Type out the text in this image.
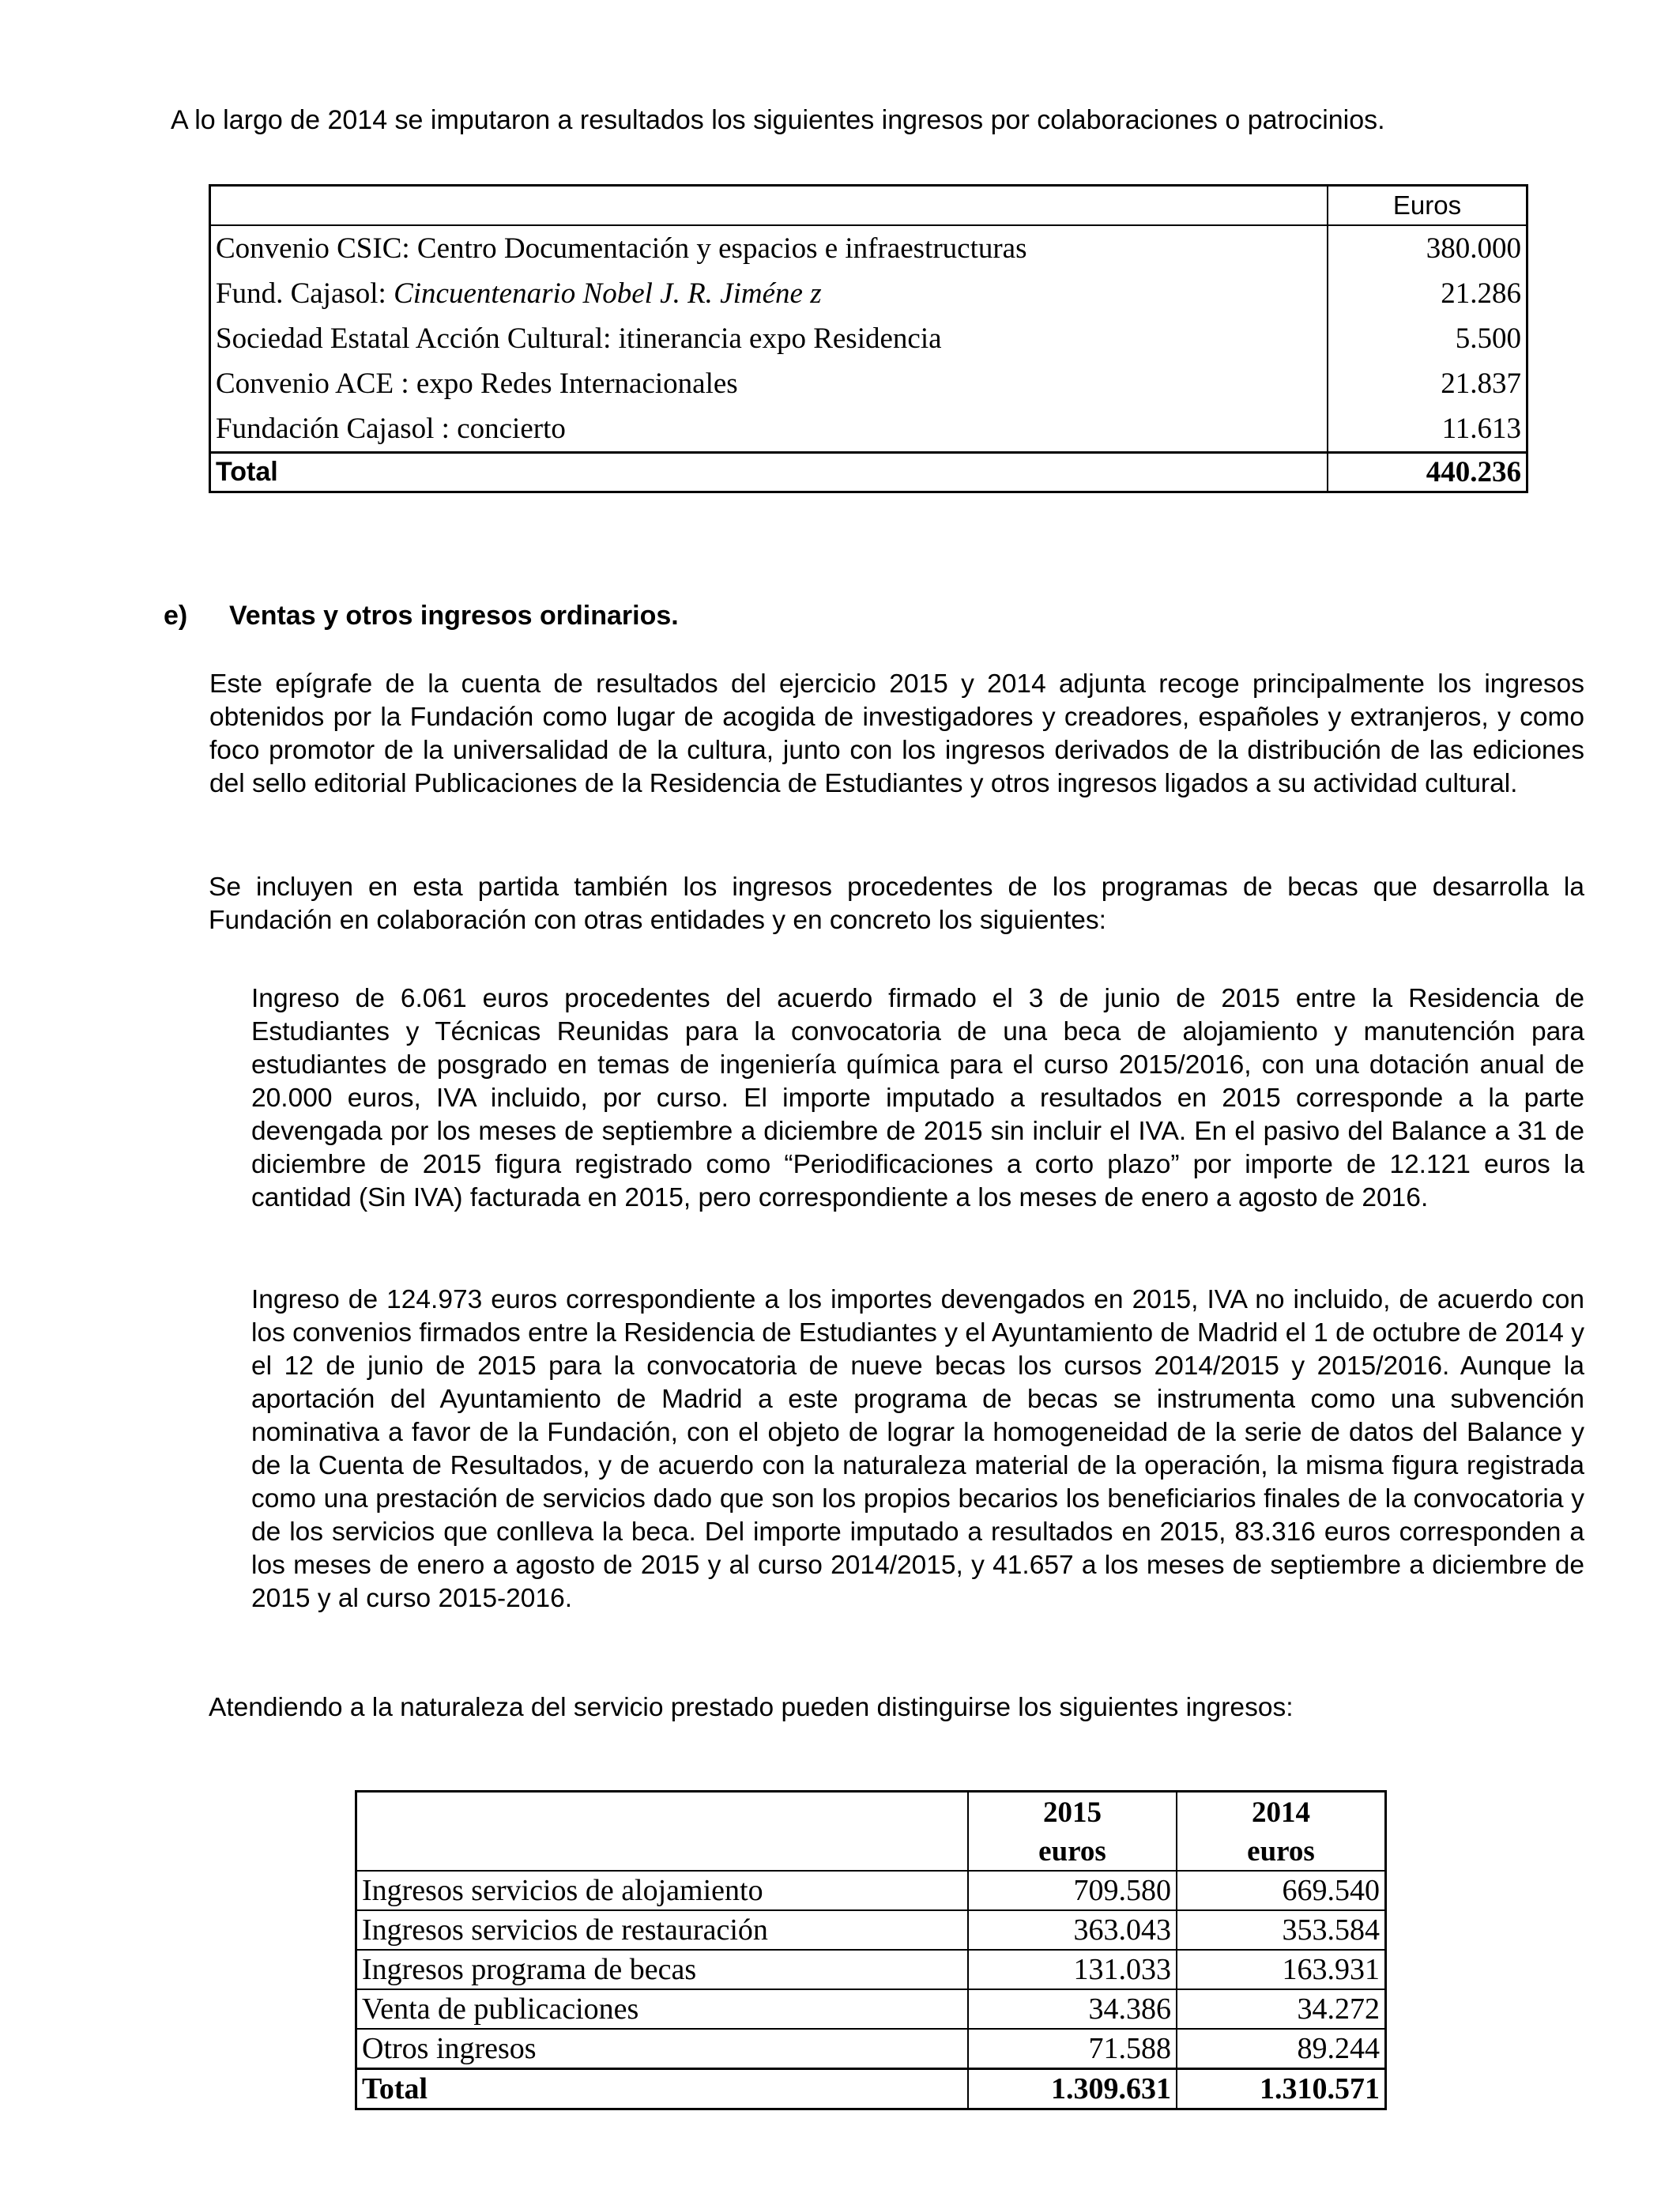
A lo largo de 2014 se imputaron a resultados los siguientes ingresos por colaboraciones o patrocinios.
	Euros
Convenio CSIC: Centro Documentación y espacios e infraestructuras	380.000
Fund. Cajasol: Cincuentenario Nobel J. R. Jiméne z	21.286
Sociedad Estatal Acción Cultural: itinerancia expo Residencia	5.500
Convenio ACE : expo Redes Internacionales	21.837
Fundación Cajasol : concierto	11.613
Total	440.236
e) Ventas y otros ingresos ordinarios.
Este epígrafe de la cuenta de resultados del ejercicio 2015 y 2014 adjunta recoge principalmente los ingresos obtenidos por la Fundación como lugar de acogida de investigadores y creadores, españoles y extranjeros, y como foco promotor de la universalidad de la cultura, junto con los ingresos derivados de la distribución de las ediciones del sello editorial Publicaciones de la Residencia de Estudiantes y otros ingresos ligados a su actividad cultural.
Se incluyen en esta partida también los ingresos procedentes de los programas de becas que desarrolla la Fundación en colaboración con otras entidades y en concreto los siguientes:
Ingreso de 6.061 euros procedentes del acuerdo firmado el 3 de junio de 2015 entre la Residencia de Estudiantes y Técnicas Reunidas para la convocatoria de una beca de alojamiento y manutención para estudiantes de posgrado en temas de ingeniería química para el curso 2015/2016, con una dotación anual de 20.000 euros, IVA incluido, por curso. El importe imputado a resultados en 2015 corresponde a la parte devengada por los meses de septiembre a diciembre de 2015 sin incluir el IVA. En el pasivo del Balance a 31 de diciembre de 2015 figura registrado como “Periodificaciones a corto plazo” por importe de 12.121 euros la cantidad (Sin IVA) facturada en 2015, pero correspondiente a los meses de enero a agosto de 2016.
Ingreso de 124.973 euros correspondiente a los importes devengados en 2015, IVA no incluido, de acuerdo con los convenios firmados entre la Residencia de Estudiantes y el Ayuntamiento de Madrid el 1 de octubre de 2014 y el 12 de junio de 2015 para la convocatoria de nueve becas los cursos 2014/2015 y 2015/2016. Aunque la aportación del Ayuntamiento de Madrid a este programa de becas se instrumenta como una subvención nominativa a favor de la Fundación, con el objeto de lograr la homogeneidad de la serie de datos del Balance y de la Cuenta de Resultados, y de acuerdo con la naturaleza material de la operación, la misma figura registrada como una prestación de servicios dado que son los propios becarios los beneficiarios finales de la convocatoria y de los servicios que conlleva la beca. Del importe imputado a resultados en 2015, 83.316 euros corresponden a los meses de enero a agosto de 2015 y al curso 2014/2015, y 41.657 a los meses de septiembre a diciembre de 2015 y al curso 2015-2016.
Atendiendo a la naturaleza del servicio prestado pueden distinguirse los siguientes ingresos:
	2015	2014
	euros	euros
Ingresos servicios de alojamiento	709.580	669.540
Ingresos servicios de restauración	363.043	353.584
Ingresos programa de becas	131.033	163.931
Venta de publicaciones	34.386	34.272
Otros ingresos	71.588	89.244
Total	1.309.631	1.310.571
